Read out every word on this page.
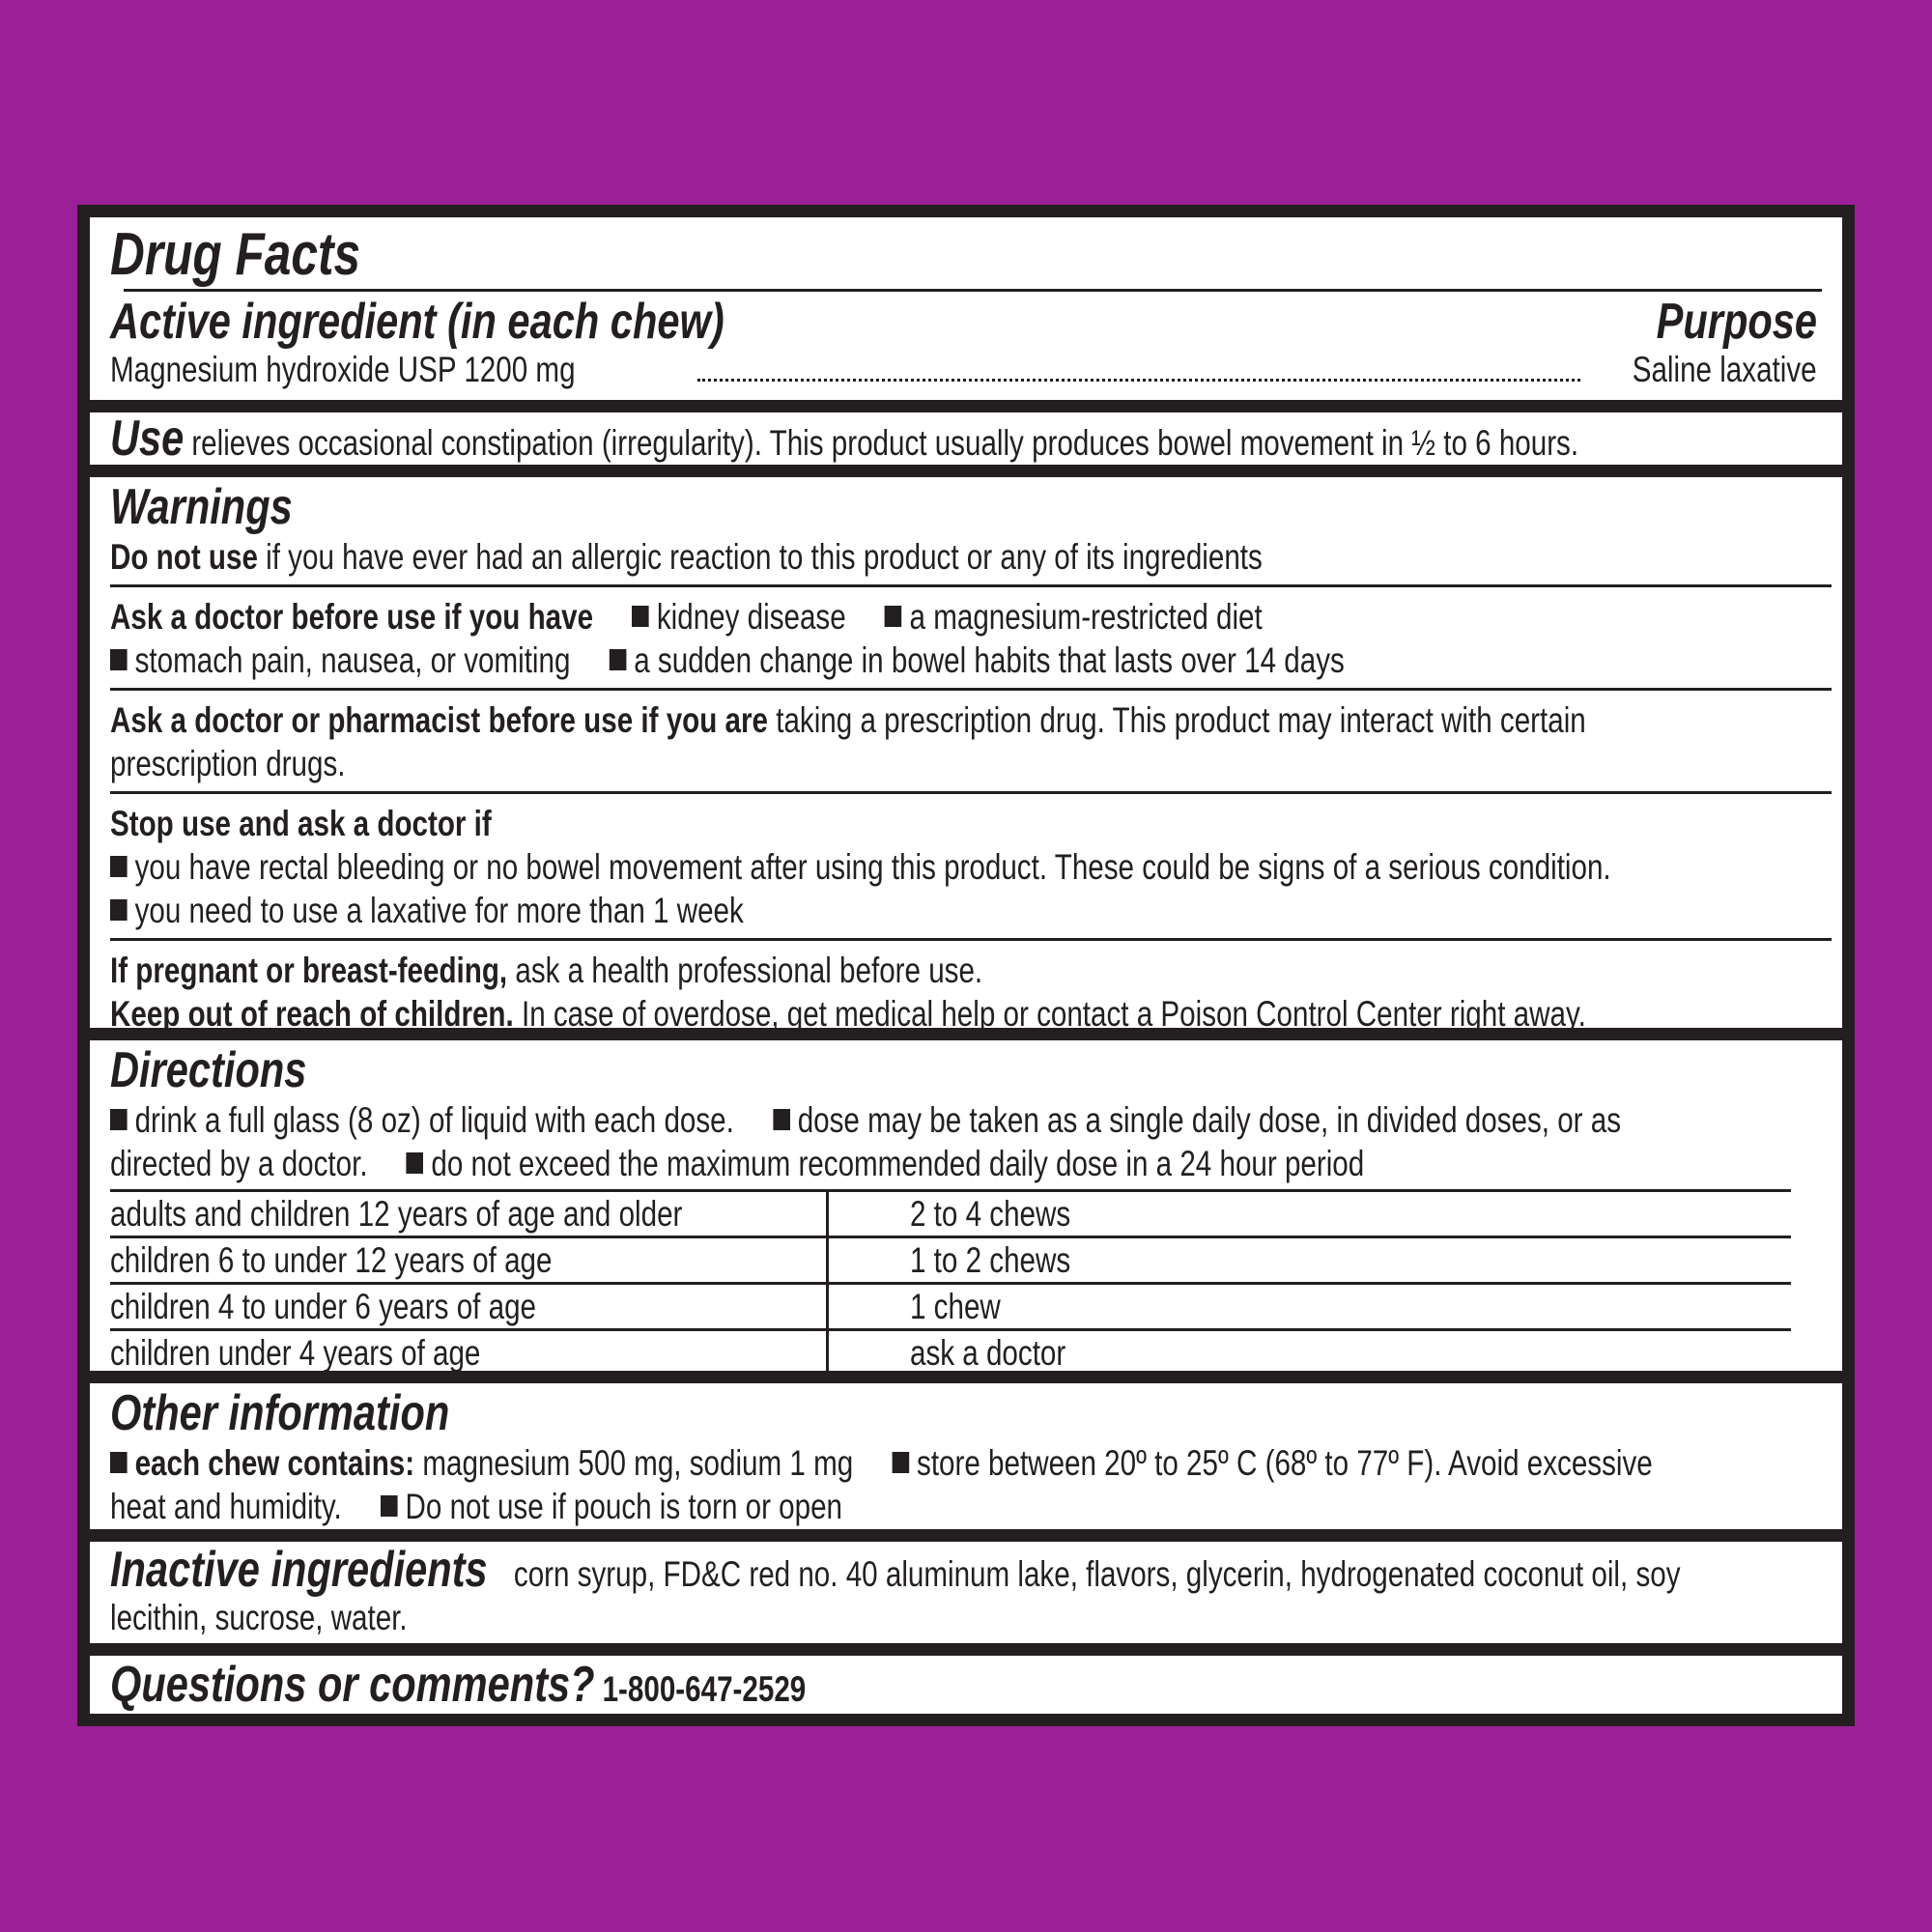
Drug Facts
Active ingredient (in each chew)	Purpose
Magnesium hydroxide USP 1200 mg	Saline laxative
Use relieves occasional constipation (irregularity). This product usually produces bowel movement in ½ to 6 hours.
Warnings
Do not use if you have ever had an allergic reaction to this product or any of its ingredients
Ask a doctor before use if you have kidney disease a magnesium-restricted diet
stomach pain, nausea, or vomiting a sudden change in bowel habits that lasts over 14 days
Ask a doctor or pharmacist before use if you are taking a prescription drug. This product may interact with certain
prescription drugs.
Stop use and ask a doctor if
you have rectal bleeding or no bowel movement after using this product. These could be signs of a serious condition.
you need to use a laxative for more than 1 week
If pregnant or breast-feeding, ask a health professional before use.
Keep out of reach of children. In case of overdose, get medical help or contact a Poison Control Center right away.
Directions
drink a full glass (8 oz) of liquid with each dose. dose may be taken as a single daily dose, in divided doses, or as
directed by a doctor. do not exceed the maximum recommended daily dose in a 24 hour period
adults and children 12 years of age and older	2 to 4 chews
children 6 to under 12 years of age	1 to 2 chews
children 4 to under 6 years of age	1 chew
children under 4 years of age	ask a doctor
Other information
each chew contains: magnesium 500 mg, sodium 1 mg store between 20º to 25º C (68º to 77º F). Avoid excessive
heat and humidity. Do not use if pouch is torn or open
Inactive ingredients corn syrup, FD&C red no. 40 aluminum lake, flavors, glycerin, hydrogenated coconut oil, soy
lecithin, sucrose, water.
Questions or comments? 1-800-647-2529
